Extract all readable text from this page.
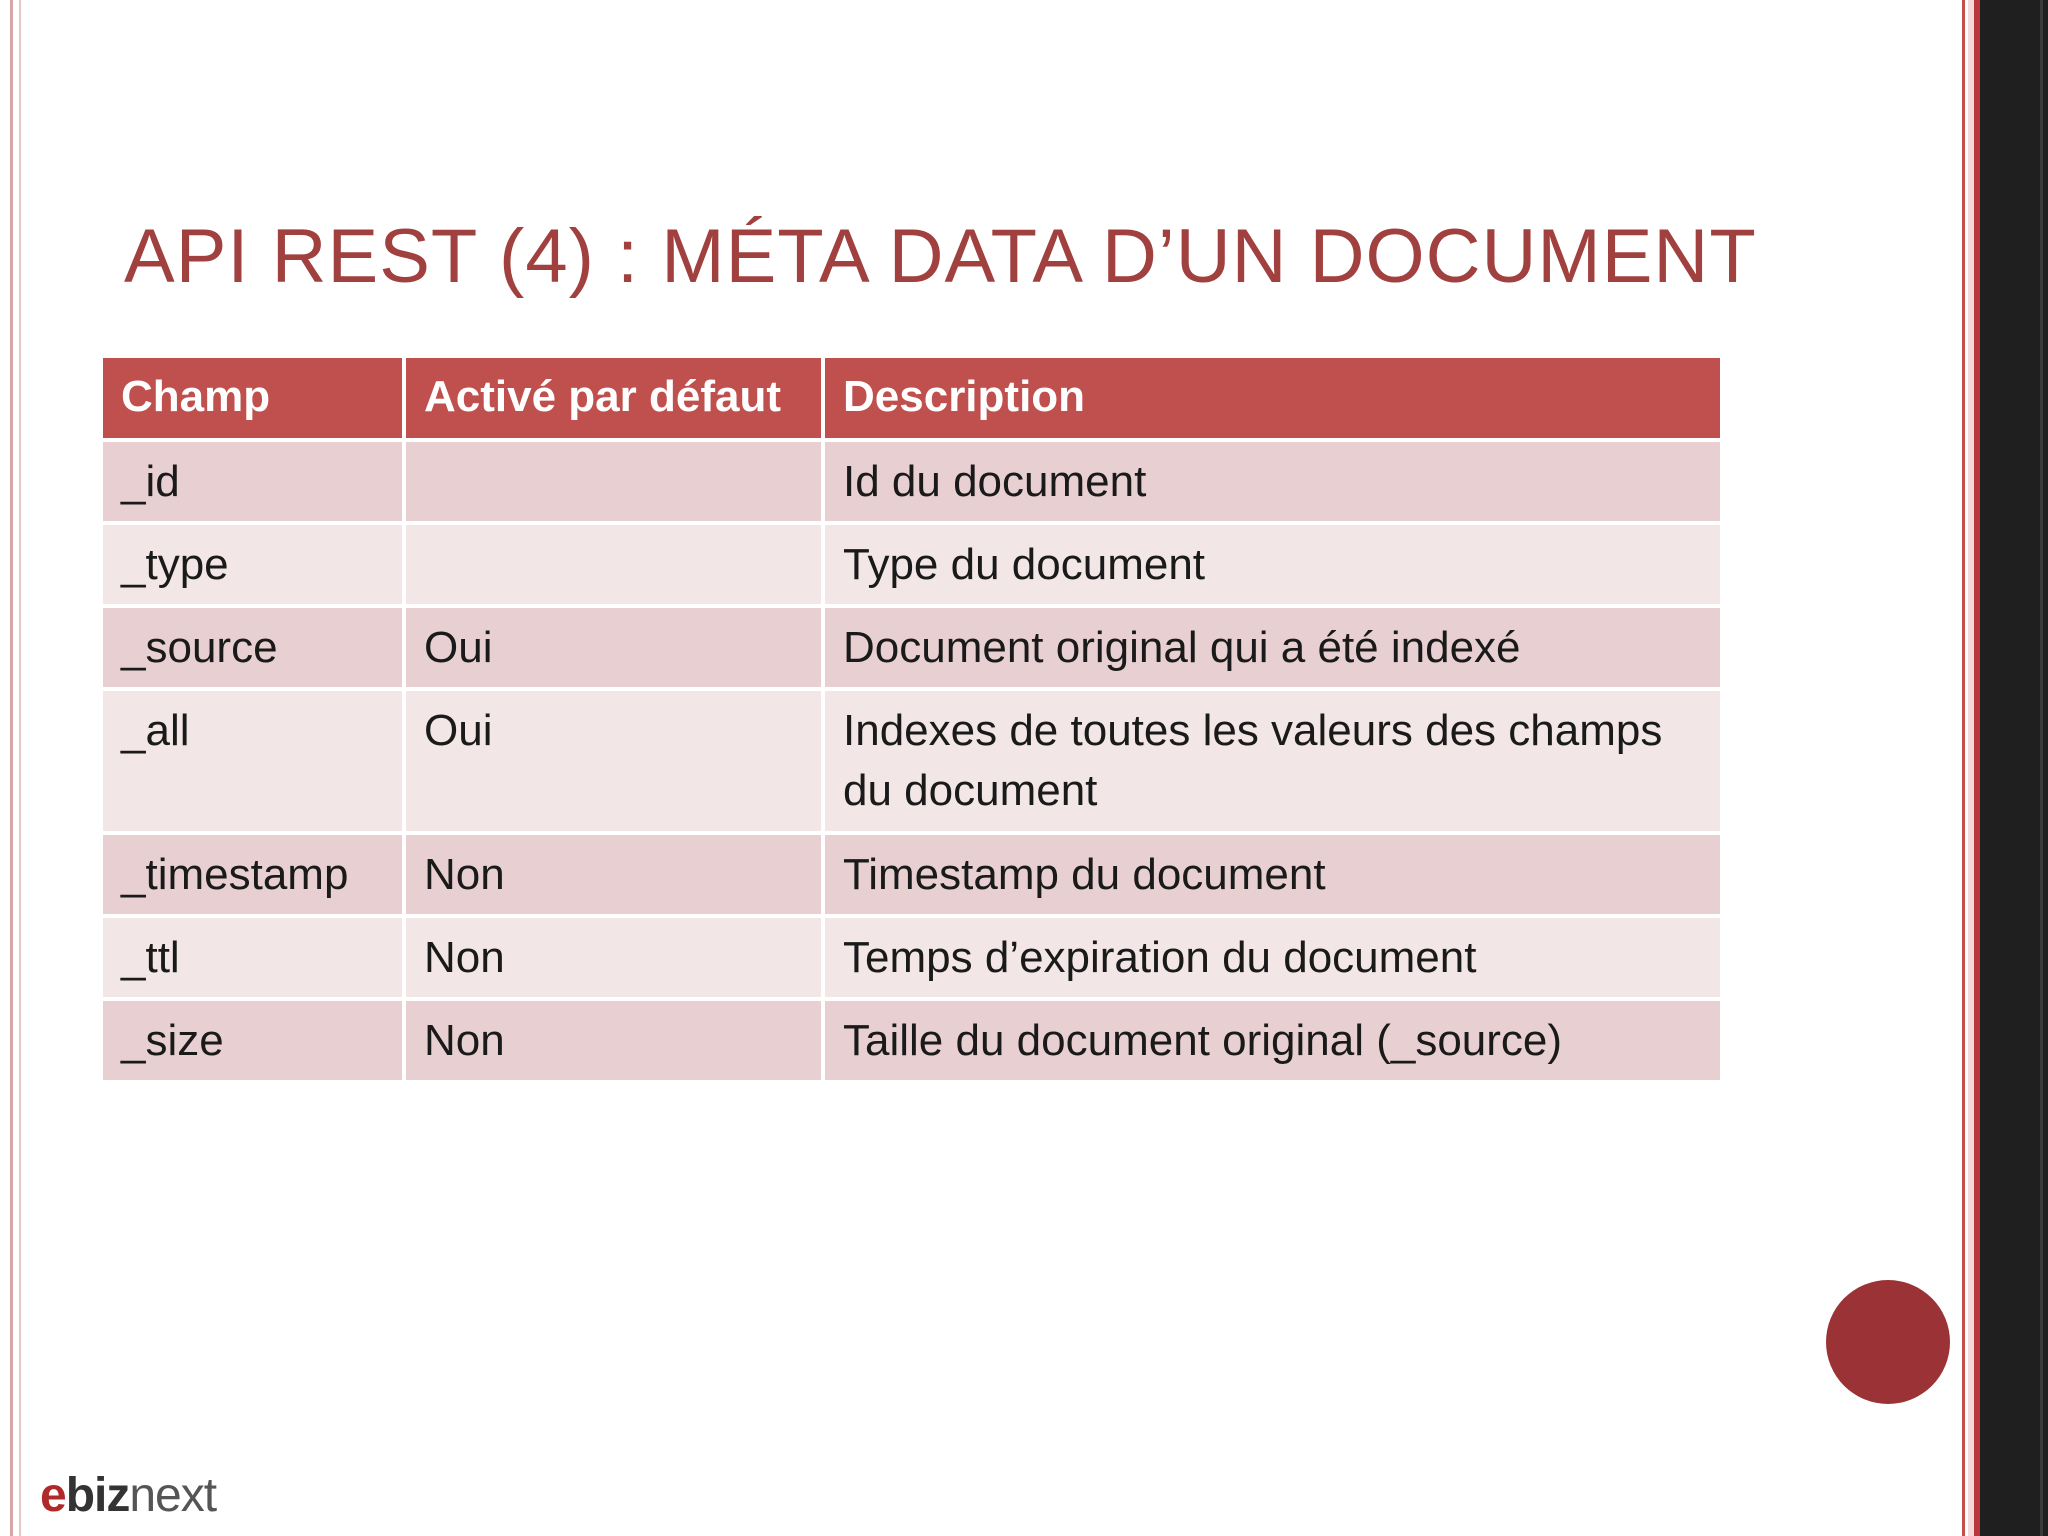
API REST (4) : MÉTA DATA D’UN DOCUMENT
Champ	Activé par défaut	Description
_id		Id du document
_type		Type du document
_source	Oui	Document original qui a été indexé
_all	Oui	Indexes de toutes les valeurs des champs du document
_timestamp	Non	Timestamp du document
_ttl	Non	Temps d’expiration du document
_size	Non	Taille du document original (_source)
ebiznext
